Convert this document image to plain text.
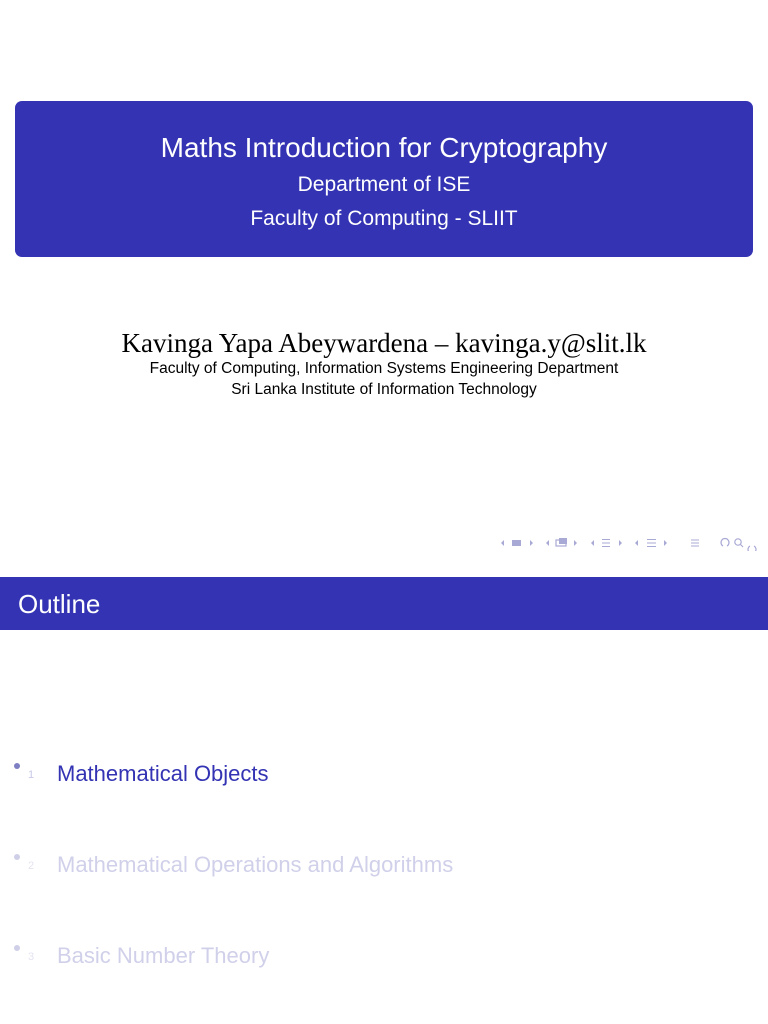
Maths Introduction for Cryptography
Department of ISE
Faculty of Computing - SLIIT
Kavinga Yapa Abeywardena – kavinga.y@slit.lk
Faculty of Computing, Information Systems Engineering Department
Sri Lanka Institute of Information Technology
Outline
1 Mathematical Objects
2 Mathematical Operations and Algorithms
3 Basic Number Theory
